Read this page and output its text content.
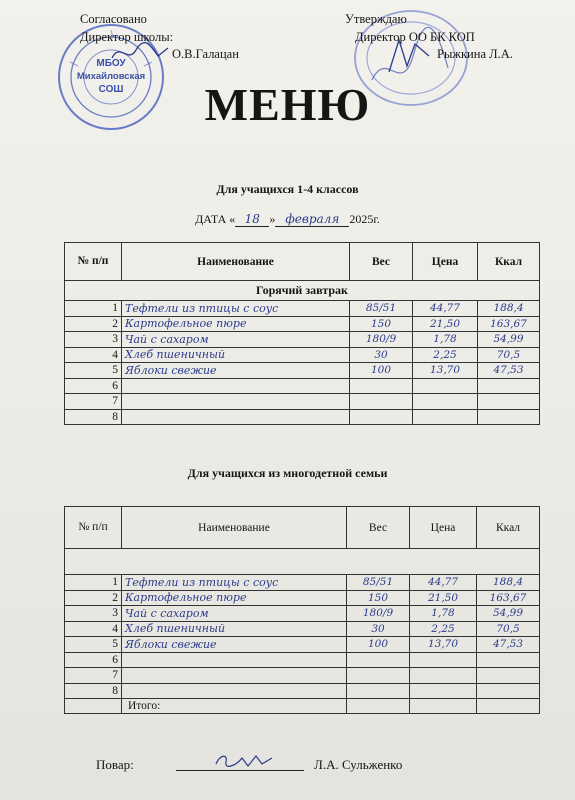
МБОУ
Михайловская
СОШ
Согласовано
Директор школы:
О.В.Галацан
Утверждаю
Директор ОО БК КОП
Рыжкина Л.А.
МЕНЮ
Для учащихся 1-4 классов
ДАТА « 18 » февраля 2025г.
№ п/п	Наименование	Вес	Цена	Ккал
Горячий завтрак				
1	Тефтели из птицы с соус	85/51	44,77	188,4
2	Картофельное пюре	150	21,50	163,67
3	Чай с сахаром	180/9	1,78	54,99
4	Хлеб пшеничный	30	2,25	70,5
5	Яблоки свежие	100	13,70	47,53
6				
7				
8				
Для учащихся из многодетной семьи
№ п/п	Наименование	Вес	Цена	Ккал

1	Тефтели из птицы с соус	85/51	44,77	188,4
2	Картофельное пюре	150	21,50	163,67
3	Чай с сахаром	180/9	1,78	54,99
4	Хлеб пшеничный	30	2,25	70,5
5	Яблоки свежие	100	13,70	47,53
6				
7				
8				
	Итого:			
Повар:	Л.А. Сульженко
